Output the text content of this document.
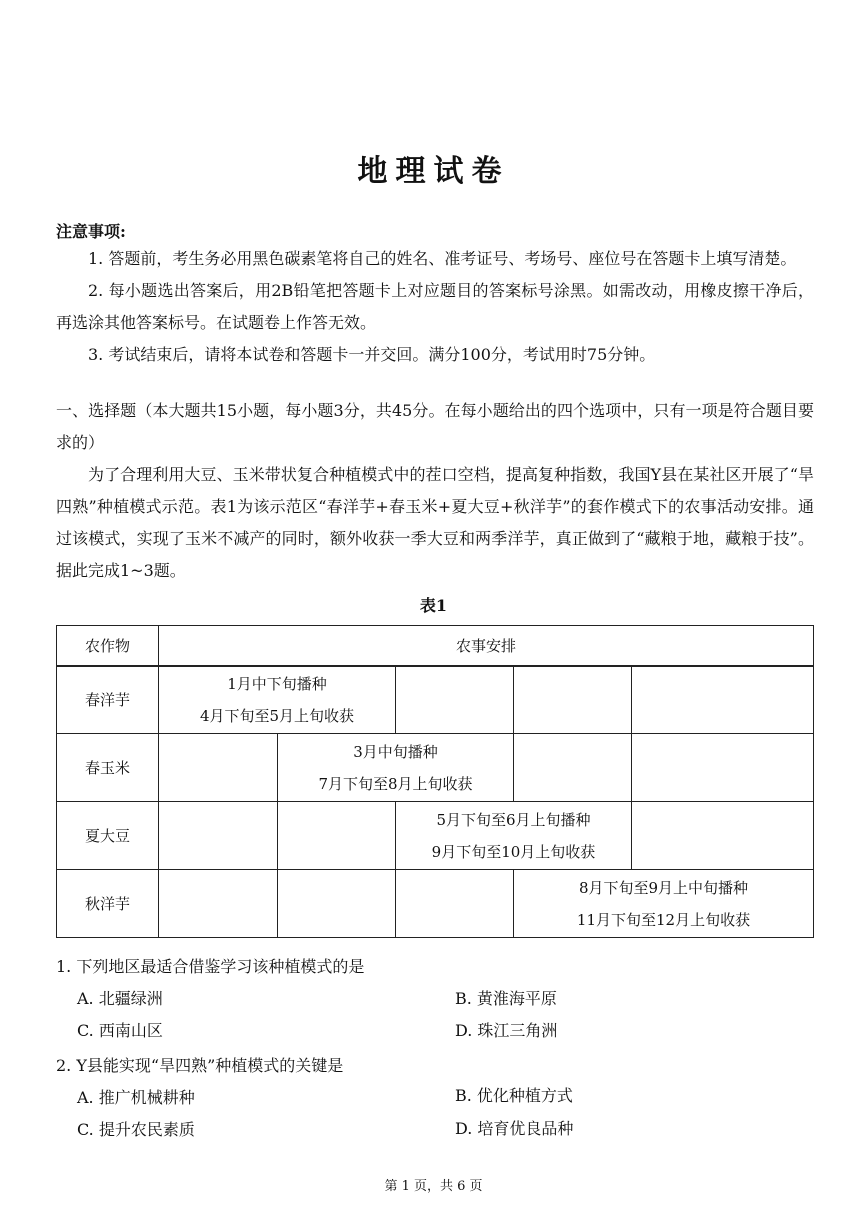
地理试卷
注意事项:
1. 答题前，考生务必用黑色碳素笔将自己的姓名、准考证号、考场号、座位号在答题卡上填写清楚。
2. 每小题选出答案后，用2B铅笔把答题卡上对应题目的答案标号涂黑。如需改动，用橡皮擦干净后，再选涂其他答案标号。在试题卷上作答无效。
3. 考试结束后，请将本试卷和答题卡一并交回。满分100分，考试用时75分钟。
一、选择题（本大题共15小题，每小题3分，共45分。在每小题给出的四个选项中，只有一项是符合题目要求的）
为了合理利用大豆、玉米带状复合种植模式中的茬口空档，提高复种指数，我国Y县在某社区开展了“旱四熟”种植模式示范。表1为该示范区“春洋芋+春玉米+夏大豆+秋洋芋”的套作模式下的农事活动安排。通过该模式，实现了玉米不减产的同时，额外收获一季大豆和两季洋芋，真正做到了“藏粮于地，藏粮于技”。据此完成1~3题。
表1
农作物	农事安排				
春洋芋	1月中下旬播种
4月下旬至5月上旬收获				

春玉米		3月中旬播种
7月下旬至8月上旬收获			

夏大豆			5月下旬至6月上旬播种
9月下旬至10月上旬收获		

秋洋芋				8月下旬至9月上中旬播种
11月下旬至12月上旬收获	
1. 下列地区最适合借鉴学习该种植模式的是
A. 北疆绿洲	B. 黄淮海平原
C. 西南山区	D. 珠江三角洲
2. Y县能实现“旱四熟”种植模式的关键是
A. 推广机械耕种	B. 优化种植方式
C. 提升农民素质	D. 培育优良品种
第 1 页，共 6 页
